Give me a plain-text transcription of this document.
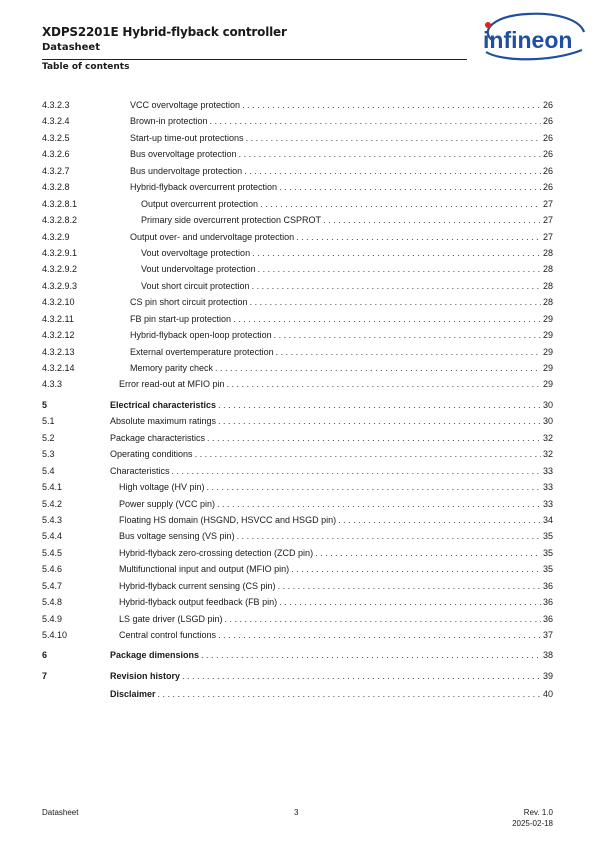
XDPS2201E Hybrid-flyback controller
Datasheet
Table of contents
infineon
4.3.2.3	VCC overvoltage protection . . .	26
4.3.2.4	Brown-in protection . . .	26
4.3.2.5	Start-up time-out protections . . .	26
4.3.2.6	Bus overvoltage protection . . .	26
4.3.2.7	Bus undervoltage protection . . .	26
4.3.2.8	Hybrid-flyback overcurrent protection . . .	26
4.3.2.8.1	Output overcurrent protection . . .	27
4.3.2.8.2	Primary side overcurrent protection CSPROT . . .	27
4.3.2.9	Output over- and undervoltage protection . . .	27
4.3.2.9.1	Vout overvoltage protection . . .	28
4.3.2.9.2	Vout undervoltage protection . . .	28
4.3.2.9.3	Vout short circuit protection . . .	28
4.3.2.10	CS pin short circuit protection . . .	28
4.3.2.11	FB pin start-up protection . . .	29
4.3.2.12	Hybrid-flyback open-loop protection . . .	29
4.3.2.13	External overtemperature protection . . .	29
4.3.2.14	Memory parity check . . .	29
4.3.3	Error read-out at MFIO pin . . .	29
5	Electrical characteristics . . .	30
5.1	Absolute maximum ratings . . .	30
5.2	Package characteristics . . .	32
5.3	Operating conditions . . .	32
5.4	Characteristics . . .	33
5.4.1	High voltage (HV pin) . . .	33
5.4.2	Power supply (VCC pin) . . .	33
5.4.3	Floating HS domain (HSGND, HSVCC and HSGD pin) . . .	34
5.4.4	Bus voltage sensing (VS pin) . . .	35
5.4.5	Hybrid-flyback zero-crossing detection (ZCD pin) . . .	35
5.4.6	Multifunctional input and output (MFIO pin) . . .	35
5.4.7	Hybrid-flyback current sensing (CS pin) . . .	36
5.4.8	Hybrid-flyback output feedback (FB pin) . . .	36
5.4.9	LS gate driver (LSGD pin) . . .	36
5.4.10	Central control functions . . .	37
6	Package dimensions . . .	38
7	Revision history . . .	39
Disclaimer . . .	40
Datasheet	3	Rev. 1.0
2025-02-18
